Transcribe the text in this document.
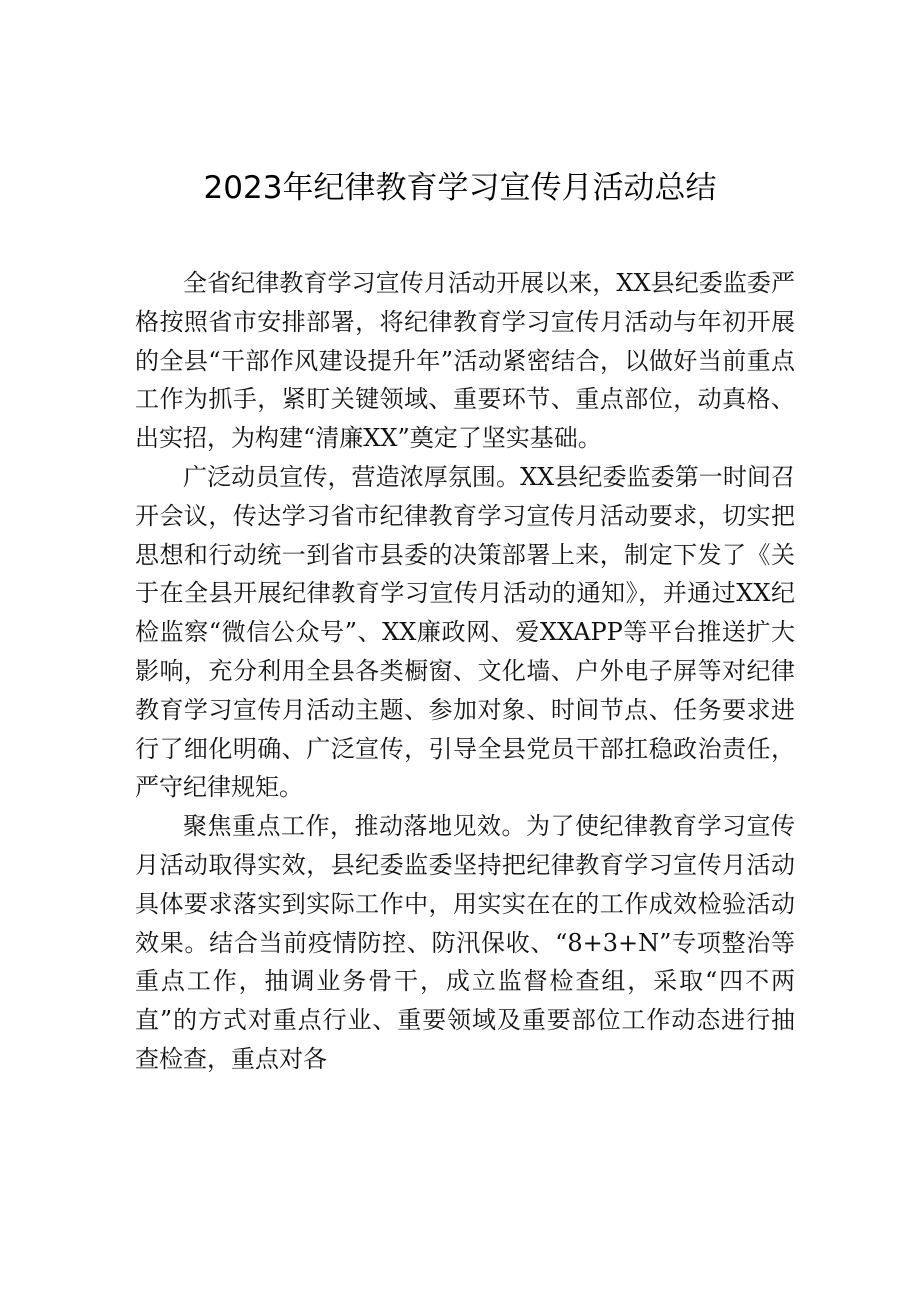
2023年纪律教育学习宣传月活动总结

全省纪律教育学习宣传月活动开展以来，XX县纪委监委严格按照省市安排部署，将纪律教育学习宣传月活动与年初开展的全县“干部作风建设提升年”活动紧密结合，以做好当前重点工作为抓手，紧盯关键领域、重要环节、重点部位，动真格、出实招，为构建“清廉XX”奠定了坚实基础。

广泛动员宣传，营造浓厚氛围。XX县纪委监委第一时间召开会议，传达学习省市纪律教育学习宣传月活动要求，切实把思想和行动统一到省市县委的决策部署上来，制定下发了《关于在全县开展纪律教育学习宣传月活动的通知》，并通过XX纪检监察“微信公众号”、XX廉政网、爱XXAPP等平台推送扩大影响，充分利用全县各类橱窗、文化墙、户外电子屏等对纪律教育学习宣传月活动主题、参加对象、时间节点、任务要求进行了细化明确、广泛宣传，引导全县党员干部扛稳政治责任，严守纪律规矩。

聚焦重点工作，推动落地见效。为了使纪律教育学习宣传月活动取得实效，县纪委监委坚持把纪律教育学习宣传月活动具体要求落实到实际工作中，用实实在在的工作成效检验活动效果。结合当前疫情防控、防汛保收、“8+3+N”专项整治等重点工作，抽调业务骨干，成立监督检查组，采取“四不两直”的方式对重点行业、重要领域及重要部位工作动态进行抽查检查，重点对各
